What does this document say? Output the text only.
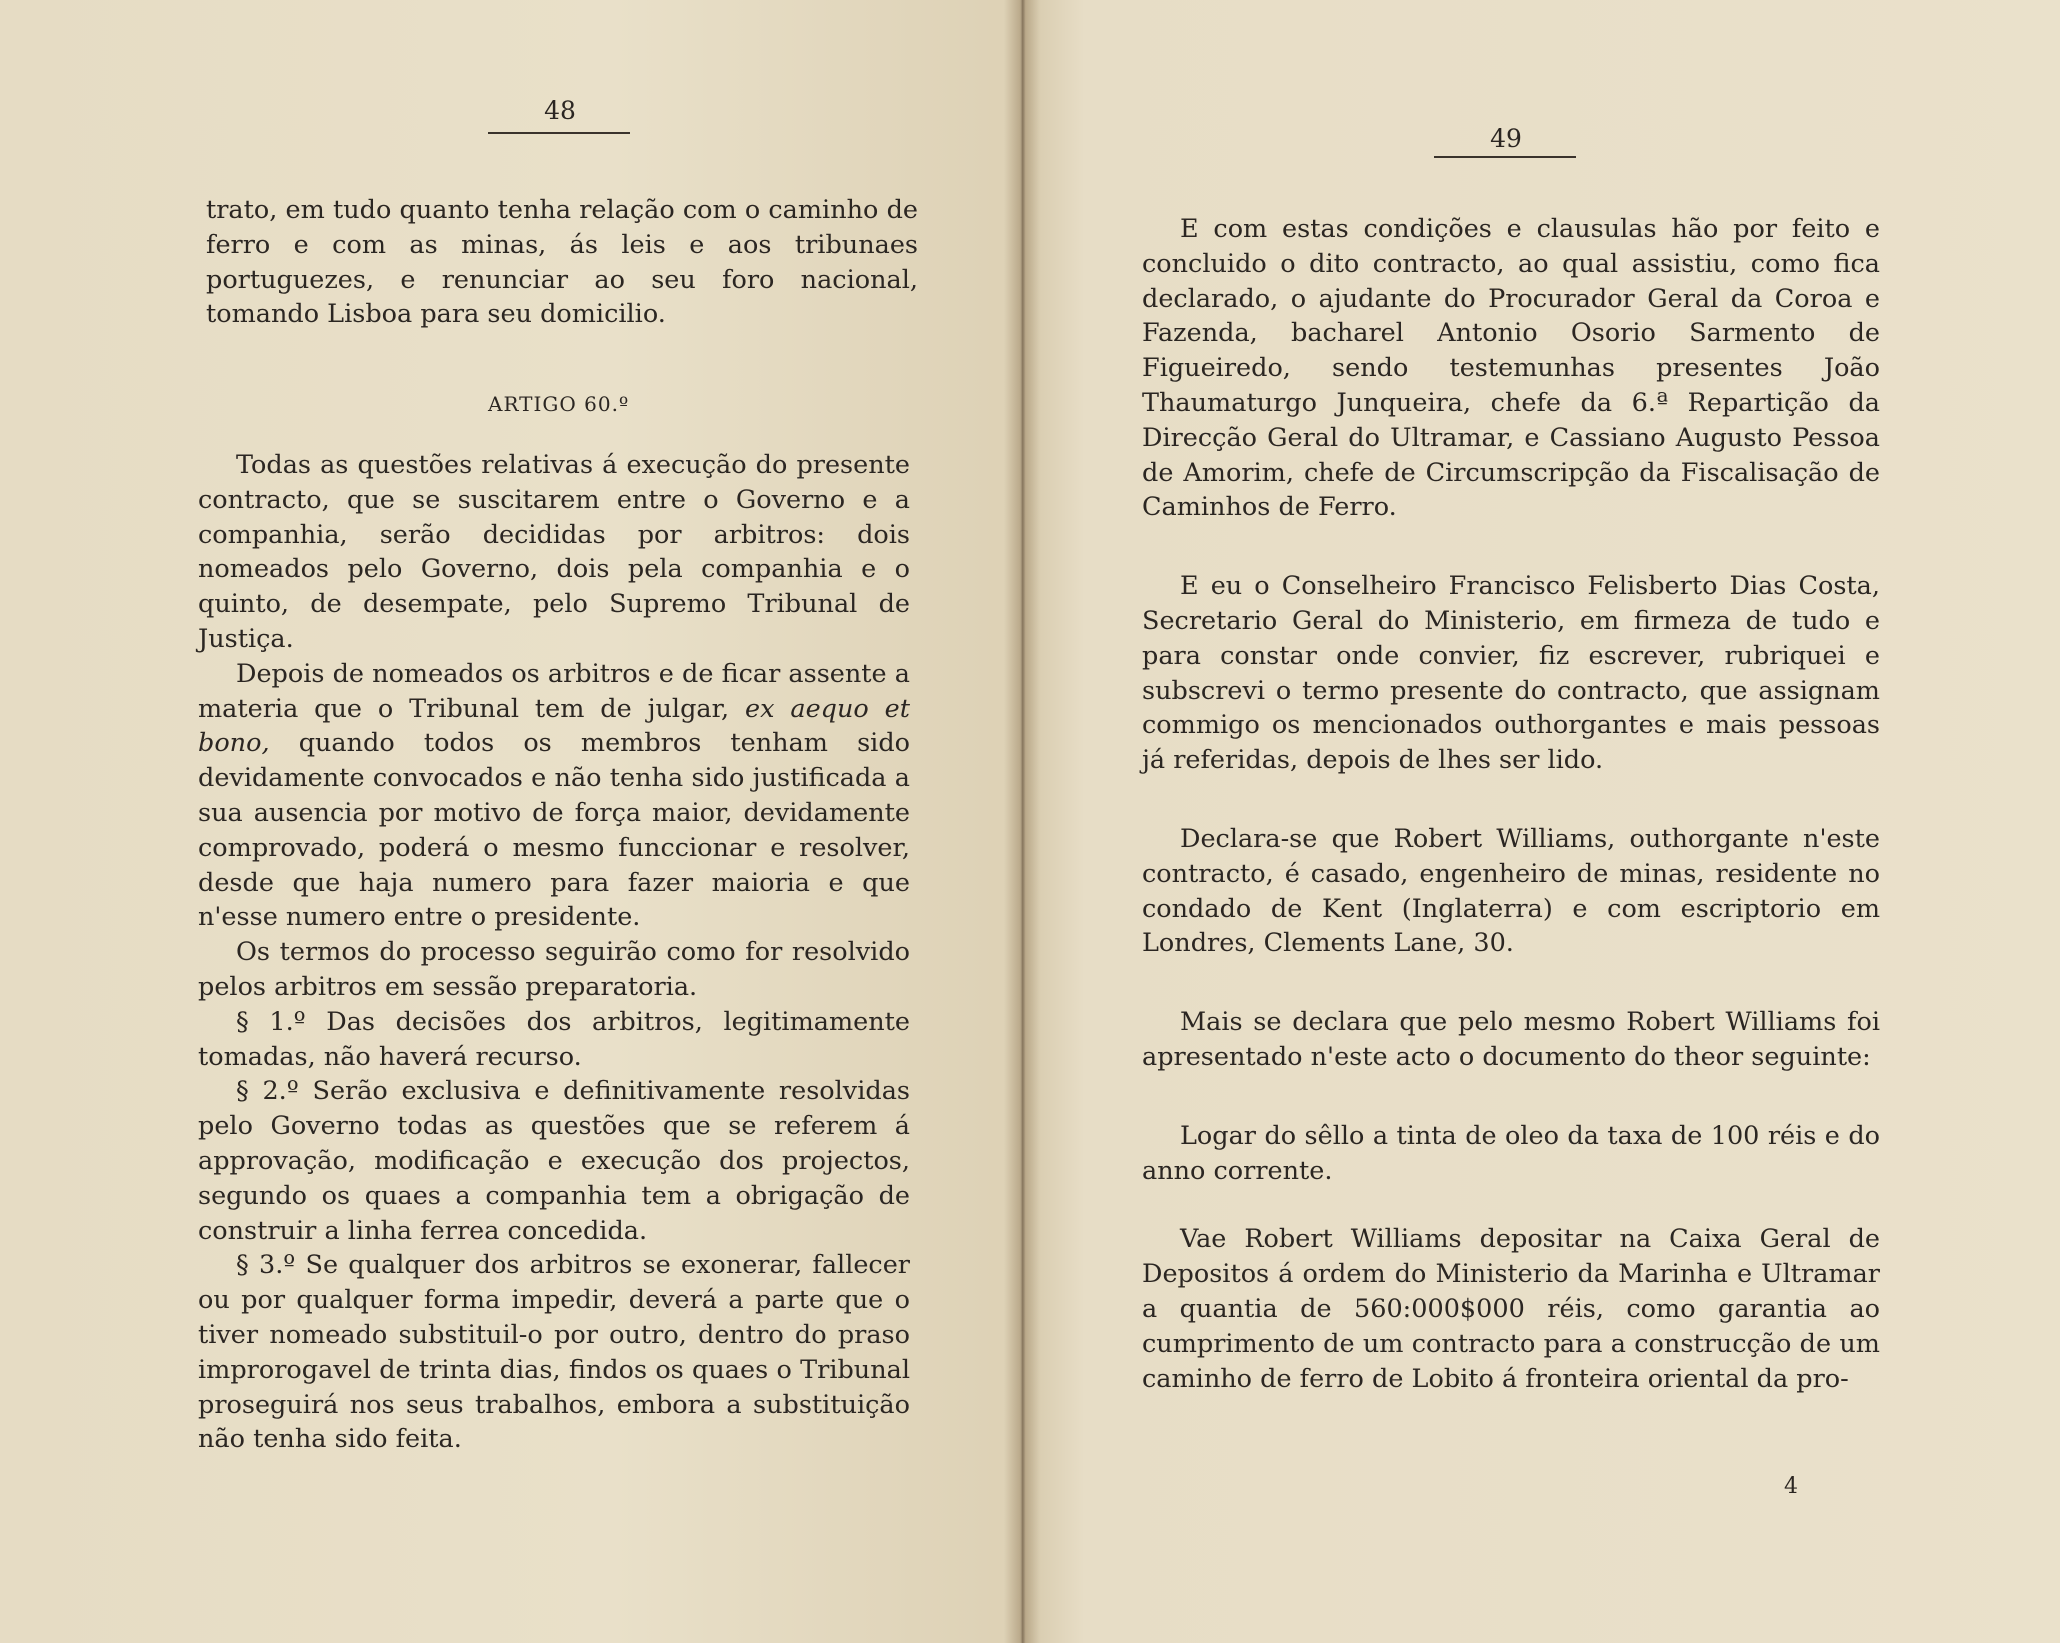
48

trato, em tudo quanto tenha relação com o caminho de ferro e com as minas, ás leis e aos tribunaes portuguezes, e renunciar ao seu foro nacional, tomando Lisboa para seu domicilio.

ARTIGO 60.º

Todas as questões relativas á execução do presente contracto, que se suscitarem entre o Governo e a companhia, serão decididas por arbitros: dois nomeados pelo Governo, dois pela companhia e o quinto, de desempate, pelo Supremo Tribunal de Justiça.

Depois de nomeados os arbitros e de ficar assente a materia que o Tribunal tem de julgar, ex aequo et bono, quando todos os membros tenham sido devidamente convocados e não tenha sido justificada a sua ausencia por motivo de força maior, devidamente comprovado, poderá o mesmo funccionar e resolver, desde que haja numero para fazer maioria e que n'esse numero entre o presidente.

Os termos do processo seguirão como for resolvido pelos arbitros em sessão preparatoria.

§ 1.º Das decisões dos arbitros, legitimamente tomadas, não haverá recurso.

§ 2.º Serão exclusiva e definitivamente resolvidas pelo Governo todas as questões que se referem á approvação, modificação e execução dos projectos, segundo os quaes a companhia tem a obrigação de construir a linha ferrea concedida.

§ 3.º Se qualquer dos arbitros se exonerar, fallecer ou por qualquer forma impedir, deverá a parte que o tiver nomeado substituil-o por outro, dentro do praso improrogavel de trinta dias, findos os quaes o Tribunal proseguirá nos seus trabalhos, embora a substituição não tenha sido feita.

49

E com estas condições e clausulas hão por feito e concluido o dito contracto, ao qual assistiu, como fica declarado, o ajudante do Procurador Geral da Coroa e Fazenda, bacharel Antonio Osorio Sarmento de Figueiredo, sendo testemunhas presentes João Thaumaturgo Junqueira, chefe da 6.ª Repartição da Direcção Geral do Ultramar, e Cassiano Augusto Pessoa de Amorim, chefe de Circumscripção da Fiscalisação de Caminhos de Ferro.

E eu o Conselheiro Francisco Felisberto Dias Costa, Secretario Geral do Ministerio, em firmeza de tudo e para constar onde convier, fiz escrever, rubriquei e subscrevi o termo presente do contracto, que assignam commigo os mencionados outhorgantes e mais pessoas já referidas, depois de lhes ser lido.

Declara-se que Robert Williams, outhorgante n'este contracto, é casado, engenheiro de minas, residente no condado de Kent (Inglaterra) e com escriptorio em Londres, Clements Lane, 30.

Mais se declara que pelo mesmo Robert Williams foi apresentado n'este acto o documento do theor seguinte:

Logar do sêllo a tinta de oleo da taxa de 100 réis e do anno corrente.

Vae Robert Williams depositar na Caixa Geral de Depositos á ordem do Ministerio da Marinha e Ultramar a quantia de 560:000$000 réis, como garantia ao cumprimento de um contracto para a construcção de um caminho de ferro de Lobito á fronteira oriental da pro-

4
